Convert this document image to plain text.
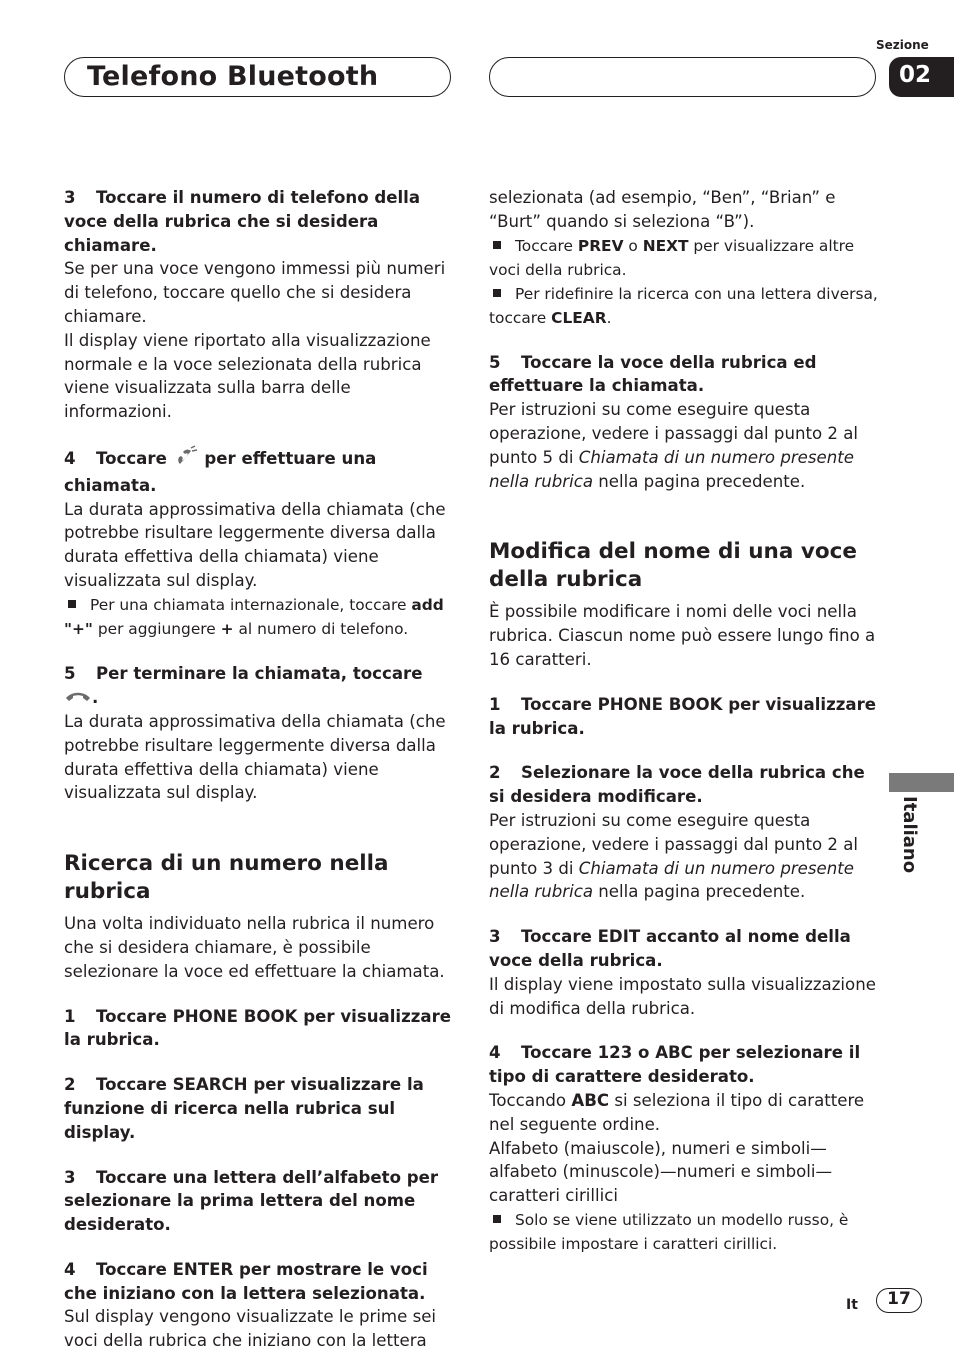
Telefono Bluetooth
Sezione
02
Italiano

3 Toccare il numero di telefono della voce della rubrica che si desidera chiamare.

Se per una voce vengono immessi più numeri di telefono, toccare quello che si desidera chiamare.

Il display viene riportato alla visualizzazione normale e la voce selezionata della rubrica viene visualizzata sulla barra delle informazioni.

4 Toccare per effettuare una chiamata.

La durata approssimativa della chiamata (che potrebbe risultare leggermente diversa dalla durata effettiva della chiamata) viene visualizzata sul display.

Per una chiamata internazionale, toccare add "+" per aggiungere + al numero di telefono.

5 Per terminare la chiamata, toccare .

La durata approssimativa della chiamata (che potrebbe risultare leggermente diversa dalla durata effettiva della chiamata) viene visualizzata sul display.

Ricerca di un numero nella rubrica

Una volta individuato nella rubrica il numero che si desidera chiamare, è possibile selezionare la voce ed effettuare la chiamata.

1 Toccare PHONE BOOK per visualizzare la rubrica.

2 Toccare SEARCH per visualizzare la funzione di ricerca nella rubrica sul display.

3 Toccare una lettera dell’alfabeto per selezionare la prima lettera del nome desiderato.

4 Toccare ENTER per mostrare le voci che iniziano con la lettera selezionata.

Sul display vengono visualizzate le prime sei voci della rubrica che iniziano con la lettera

selezionata (ad esempio, “Ben”, “Brian” e “Burt” quando si seleziona “B”).

Toccare PREV o NEXT per visualizzare altre voci della rubrica.

Per ridefinire la ricerca con una lettera diversa, toccare CLEAR.

5 Toccare la voce della rubrica ed effettuare la chiamata.

Per istruzioni su come eseguire questa operazione, vedere i passaggi dal punto 2 al punto 5 di Chiamata di un numero presente nella rubrica nella pagina precedente.

Modifica del nome di una voce della rubrica

È possibile modificare i nomi delle voci nella rubrica. Ciascun nome può essere lungo fino a 16 caratteri.

1 Toccare PHONE BOOK per visualizzare la rubrica.

2 Selezionare la voce della rubrica che si desidera modificare.

Per istruzioni su come eseguire questa operazione, vedere i passaggi dal punto 2 al punto 3 di Chiamata di un numero presente nella rubrica nella pagina precedente.

3 Toccare EDIT accanto al nome della voce della rubrica.

Il display viene impostato sulla visualizzazione di modifica della rubrica.

4 Toccare 123 o ABC per selezionare il tipo di carattere desiderato.

Toccando ABC si seleziona il tipo di carattere nel seguente ordine.

Alfabeto (maiuscole), numeri e simboli—alfabeto (minuscole)—numeri e simboli—caratteri cirillici

Solo se viene utilizzato un modello russo, è possibile impostare i caratteri cirillici.

It	17
